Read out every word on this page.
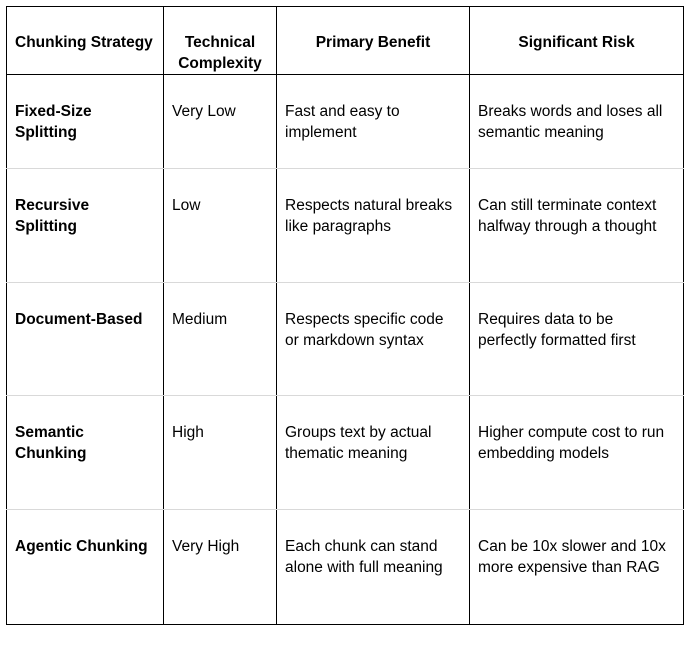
Chunking Strategy	Technical Complexity	Primary Benefit	Significant Risk
Fixed-Size Splitting	Very Low	Fast and easy to implement	Breaks words and loses all semantic meaning
Recursive Splitting	Low	Respects natural breaks like paragraphs	Can still terminate context halfway through a thought
Document-Based	Medium	Respects specific code or markdown syntax	Requires data to be perfectly formatted first
Semantic Chunking	High	Groups text by actual thematic meaning	Higher compute cost to run embedding models
Agentic Chunking	Very High	Each chunk can stand alone with full meaning	Can be 10x slower and 10x more expensive than RAG
